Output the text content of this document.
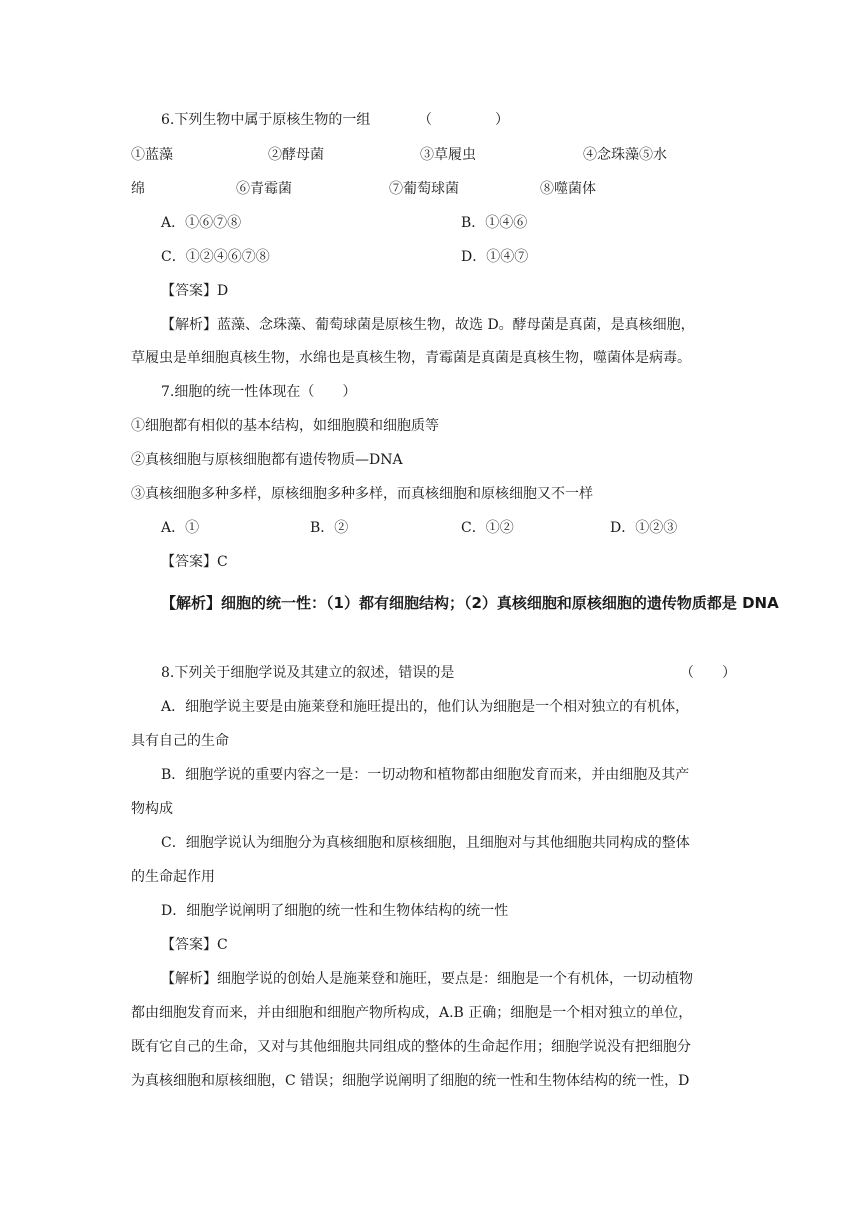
6.下列生物中属于原核生物的一组	（	）
①蓝藻	②酵母菌	③草履虫	④念珠藻⑤水
绵	⑥青霉菌	⑦葡萄球菌	⑧噬菌体
A．①⑥⑦⑧	B．①④⑥
C．①②④⑥⑦⑧	D．①④⑦
【答案】D
【解析】蓝藻、念珠藻、葡萄球菌是原核生物，故选 D。酵母菌是真菌，是真核细胞，
草履虫是单细胞真核生物，水绵也是真核生物，青霉菌是真菌是真核生物，噬菌体是病毒。
7.细胞的统一性体现在（　　）
①细胞都有相似的基本结构，如细胞膜和细胞质等
②真核细胞与原核细胞都有遗传物质—DNA
③真核细胞多种多样，原核细胞多种多样，而真核细胞和原核细胞又不一样
A．①	B．②	C．①②	D．①②③
【答案】C
【解析】细胞的统一性：（1）都有细胞结构；（2）真核细胞和原核细胞的遗传物质都是 DNA
8.下列关于细胞学说及其建立的叙述，错误的是	（　　）
A．细胞学说主要是由施莱登和施旺提出的，他们认为细胞是一个相对独立的有机体，
具有自己的生命
B．细胞学说的重要内容之一是：一切动物和植物都由细胞发育而来，并由细胞及其产
物构成
C．细胞学说认为细胞分为真核细胞和原核细胞，且细胞对与其他细胞共同构成的整体
的生命起作用
D．细胞学说阐明了细胞的统一性和生物体结构的统一性
【答案】C
【解析】细胞学说的创始人是施莱登和施旺，要点是：细胞是一个有机体，一切动植物
都由细胞发育而来，并由细胞和细胞产物所构成，A.B 正确；细胞是一个相对独立的单位，
既有它自己的生命，又对与其他细胞共同组成的整体的生命起作用；细胞学说没有把细胞分
为真核细胞和原核细胞，C 错误；细胞学说阐明了细胞的统一性和生物体结构的统一性，D
